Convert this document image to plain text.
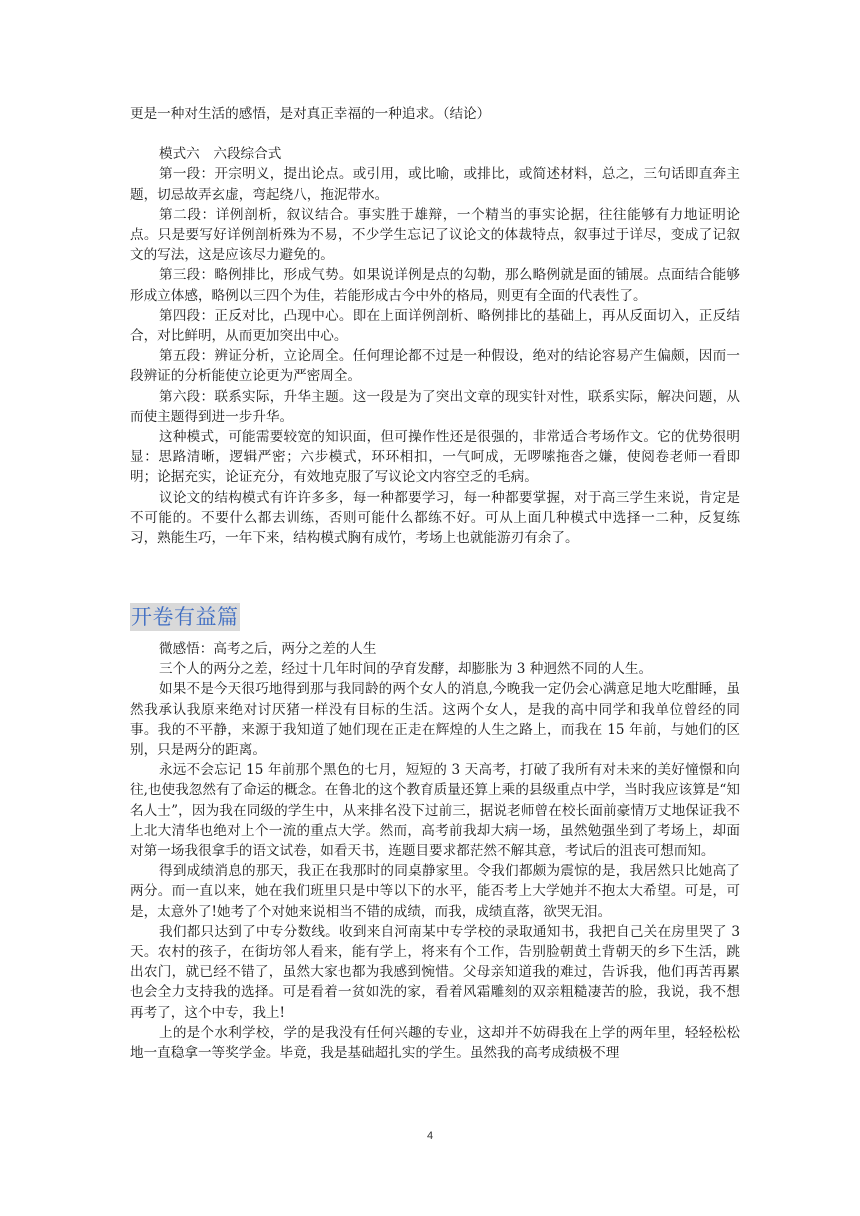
更是一种对生活的感悟，是对真正幸福的一种追求。（结论）

模式六　六段综合式

第一段：开宗明义，提出论点。或引用，或比喻，或排比，或简述材料，总之，三句话即直奔主题，切忌故弄玄虚，弯起绕八，拖泥带水。

第二段：详例剖析，叙议结合。事实胜于雄辩，一个精当的事实论据，往往能够有力地证明论点。只是要写好详例剖析殊为不易，不少学生忘记了议论文的体裁特点，叙事过于详尽，变成了记叙文的写法，这是应该尽力避免的。

第三段：略例排比，形成气势。如果说详例是点的勾勒，那么略例就是面的铺展。点面结合能够形成立体感，略例以三四个为佳，若能形成古今中外的格局，则更有全面的代表性了。

第四段：正反对比，凸现中心。即在上面详例剖析、略例排比的基础上，再从反面切入，正反结合，对比鲜明，从而更加突出中心。

第五段：辨证分析，立论周全。任何理论都不过是一种假设，绝对的结论容易产生偏颇，因而一段辨证的分析能使立论更为严密周全。

第六段：联系实际，升华主题。这一段是为了突出文章的现实针对性，联系实际，解决问题，从而使主题得到进一步升华。

这种模式，可能需要较宽的知识面，但可操作性还是很强的，非常适合考场作文。它的优势很明显：思路清晰，逻辑严密；六步模式，环环相扣，一气呵成，无啰嗦拖沓之嫌，使阅卷老师一看即明；论据充实，论证充分，有效地克服了写议论文内容空乏的毛病。

议论文的结构模式有许许多多，每一种都要学习，每一种都要掌握，对于高三学生来说，肯定是不可能的。不要什么都去训练，否则可能什么都练不好。可从上面几种模式中选择一二种，反复练习，熟能生巧，一年下来，结构模式胸有成竹，考场上也就能游刃有余了。

开卷有益篇

微感悟：高考之后，两分之差的人生

三个人的两分之差，经过十几年时间的孕育发酵，却膨胀为 3 种迥然不同的人生。

如果不是今天很巧地得到那与我同龄的两个女人的消息,今晚我一定仍会心满意足地大吃酣睡，虽然我承认我原来绝对讨厌猪一样没有目标的生活。这两个女人，是我的高中同学和我单位曾经的同事。我的不平静，来源于我知道了她们现在正走在辉煌的人生之路上，而我在 15 年前，与她们的区别，只是两分的距离。

永远不会忘记 15 年前那个黑色的七月，短短的 3 天高考，打破了我所有对未来的美好憧憬和向往,也使我忽然有了命运的概念。在鲁北的这个教育质量还算上乘的县级重点中学，当时我应该算是“知名人士”，因为我在同级的学生中，从来排名没下过前三，据说老师曾在校长面前豪情万丈地保证我不上北大清华也绝对上个一流的重点大学。然而，高考前我却大病一场，虽然勉强坐到了考场上，却面对第一场我很拿手的语文试卷，如看天书，连题目要求都茫然不解其意，考试后的沮丧可想而知。

得到成绩消息的那天，我正在我那时的同桌静家里。令我们都颇为震惊的是，我居然只比她高了两分。而一直以来，她在我们班里只是中等以下的水平，能否考上大学她并不抱太大希望。可是，可是，太意外了!她考了个对她来说相当不错的成绩，而我，成绩直落，欲哭无泪。

我们都只达到了中专分数线。收到来自河南某中专学校的录取通知书，我把自己关在房里哭了 3 天。农村的孩子，在街坊邻人看来，能有学上，将来有个工作，告别脸朝黄土背朝天的乡下生活，跳出农门，就已经不错了，虽然大家也都为我感到惋惜。父母亲知道我的难过，告诉我，他们再苦再累也会全力支持我的选择。可是看着一贫如洗的家，看着风霜雕刻的双亲粗糙凄苦的脸，我说，我不想再考了，这个中专，我上!

上的是个水利学校，学的是我没有任何兴趣的专业，这却并不妨碍我在上学的两年里，轻轻松松地一直稳拿一等奖学金。毕竟，我是基础超扎实的学生。虽然我的高考成绩极不理

4
